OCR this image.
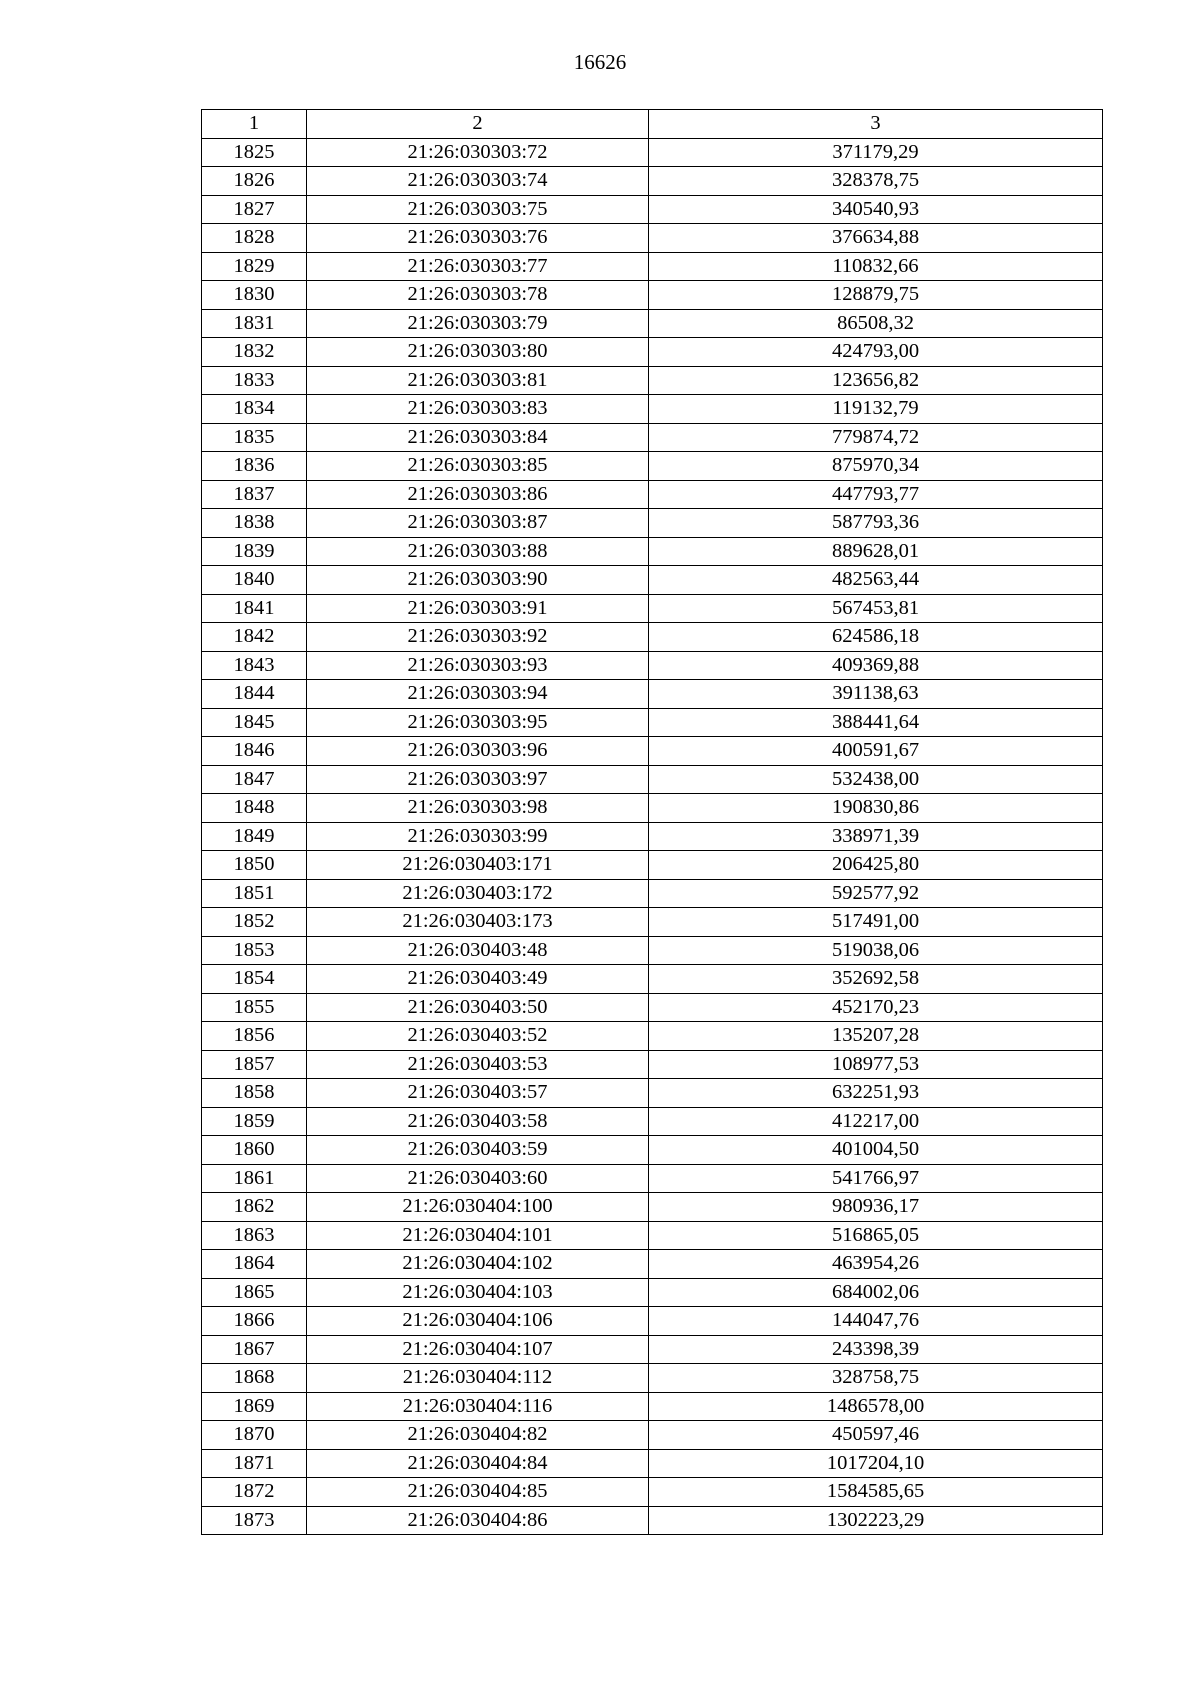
16626
1	2	3
1825	21:26:030303:72	371179,29
1826	21:26:030303:74	328378,75
1827	21:26:030303:75	340540,93
1828	21:26:030303:76	376634,88
1829	21:26:030303:77	110832,66
1830	21:26:030303:78	128879,75
1831	21:26:030303:79	86508,32
1832	21:26:030303:80	424793,00
1833	21:26:030303:81	123656,82
1834	21:26:030303:83	119132,79
1835	21:26:030303:84	779874,72
1836	21:26:030303:85	875970,34
1837	21:26:030303:86	447793,77
1838	21:26:030303:87	587793,36
1839	21:26:030303:88	889628,01
1840	21:26:030303:90	482563,44
1841	21:26:030303:91	567453,81
1842	21:26:030303:92	624586,18
1843	21:26:030303:93	409369,88
1844	21:26:030303:94	391138,63
1845	21:26:030303:95	388441,64
1846	21:26:030303:96	400591,67
1847	21:26:030303:97	532438,00
1848	21:26:030303:98	190830,86
1849	21:26:030303:99	338971,39
1850	21:26:030403:171	206425,80
1851	21:26:030403:172	592577,92
1852	21:26:030403:173	517491,00
1853	21:26:030403:48	519038,06
1854	21:26:030403:49	352692,58
1855	21:26:030403:50	452170,23
1856	21:26:030403:52	135207,28
1857	21:26:030403:53	108977,53
1858	21:26:030403:57	632251,93
1859	21:26:030403:58	412217,00
1860	21:26:030403:59	401004,50
1861	21:26:030403:60	541766,97
1862	21:26:030404:100	980936,17
1863	21:26:030404:101	516865,05
1864	21:26:030404:102	463954,26
1865	21:26:030404:103	684002,06
1866	21:26:030404:106	144047,76
1867	21:26:030404:107	243398,39
1868	21:26:030404:112	328758,75
1869	21:26:030404:116	1486578,00
1870	21:26:030404:82	450597,46
1871	21:26:030404:84	1017204,10
1872	21:26:030404:85	1584585,65
1873	21:26:030404:86	1302223,29
